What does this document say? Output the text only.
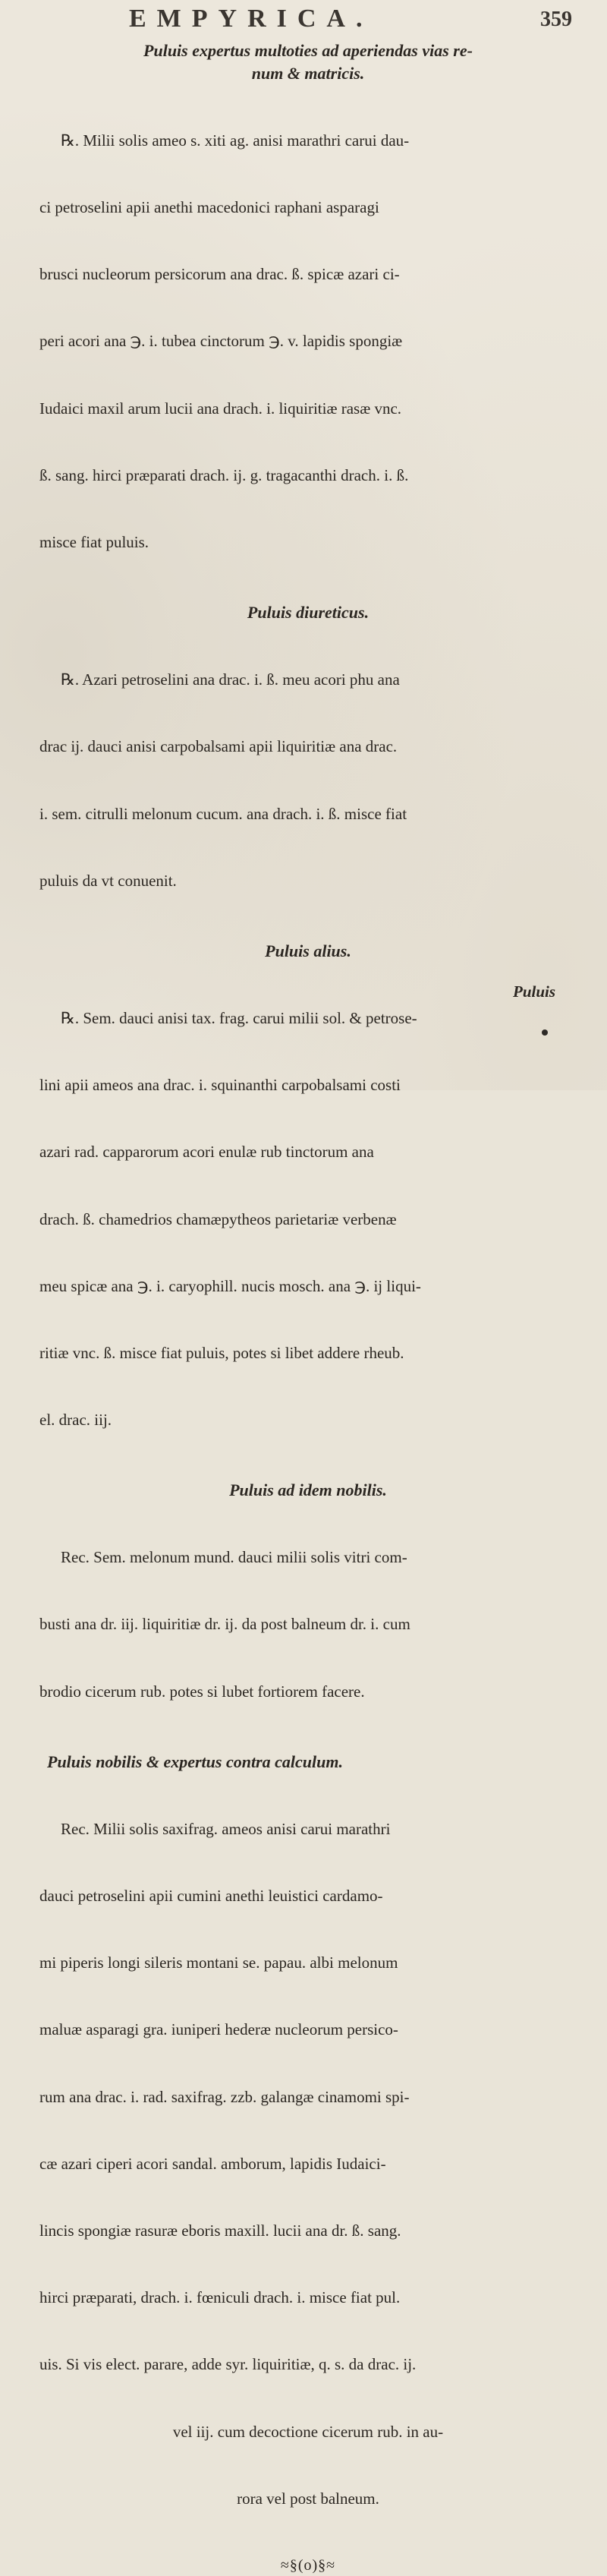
EMPYRICA.	359

Puluis expertus multoties ad aperiendas vias re-
num & matricis.

℞. Milii solis ameo s. xiti ag. anisi marathri carui dau-

ci petroselini apii anethi macedonici raphani asparagi

brusci nucleorum persicorum ana drac. ß. spicæ azari ci-

peri acori ana ℈. i. tubea cinctorum ℈. v. lapidis spongiæ

Iudaici maxil arum lucii ana drach. i. liquiritiæ rasæ vnc.

ß. sang. hirci præparati drach. ij. g. tragacanthi drach. i. ß.

misce fiat puluis.

Puluis diureticus.

℞. Azari petroselini ana drac. i. ß. meu acori phu ana

drac ij. dauci anisi carpobalsami apii liquiritiæ ana drac.

i. sem. citrulli melonum cucum. ana drach. i. ß. misce fiat

puluis da vt conuenit.

Puluis alius.

℞. Sem. dauci anisi tax. frag. carui milii sol. & petrose-

lini apii ameos ana drac. i. squinanthi carpobalsami costi

azari rad. capparorum acori enulæ rub tinctorum ana

drach. ß. chamedrios chamæpytheos parietariæ verbenæ

meu spicæ ana ℈. i. caryophill. nucis mosch. ana ℈. ij liqui-

ritiæ vnc. ß. misce fiat puluis, potes si libet addere rheub.

el. drac. iij.

Puluis ad idem nobilis.

Rec. Sem. melonum mund. dauci milii solis vitri com-

busti ana dr. iij. liquiritiæ dr. ij. da post balneum dr. i. cum

brodio cicerum rub. potes si lubet fortiorem facere.

Puluis nobilis & expertus contra calculum.

Rec. Milii solis saxifrag. ameos anisi carui marathri

dauci petroselini apii cumini anethi leuistici cardamo-

mi piperis longi sileris montani se. papau. albi melonum

maluæ asparagi gra. iuniperi hederæ nucleorum persico-

rum ana drac. i. rad. saxifrag. zzb. galangæ cinamomi spi-

cæ azari ciperi acori sandal. amborum, lapidis Iudaici-

lincis spongiæ rasuræ eboris maxill. lucii ana dr. ß. sang.

hirci præparati, drach. i. fœniculi drach. i. misce fiat pul.

uis. Si vis elect. parare, adde syr. liquiritiæ, q. s. da drac. ij.

vel iij. cum decoctione cicerum rub. in au-

rora vel post balneum.

≈§(o)§≈
Puluis
